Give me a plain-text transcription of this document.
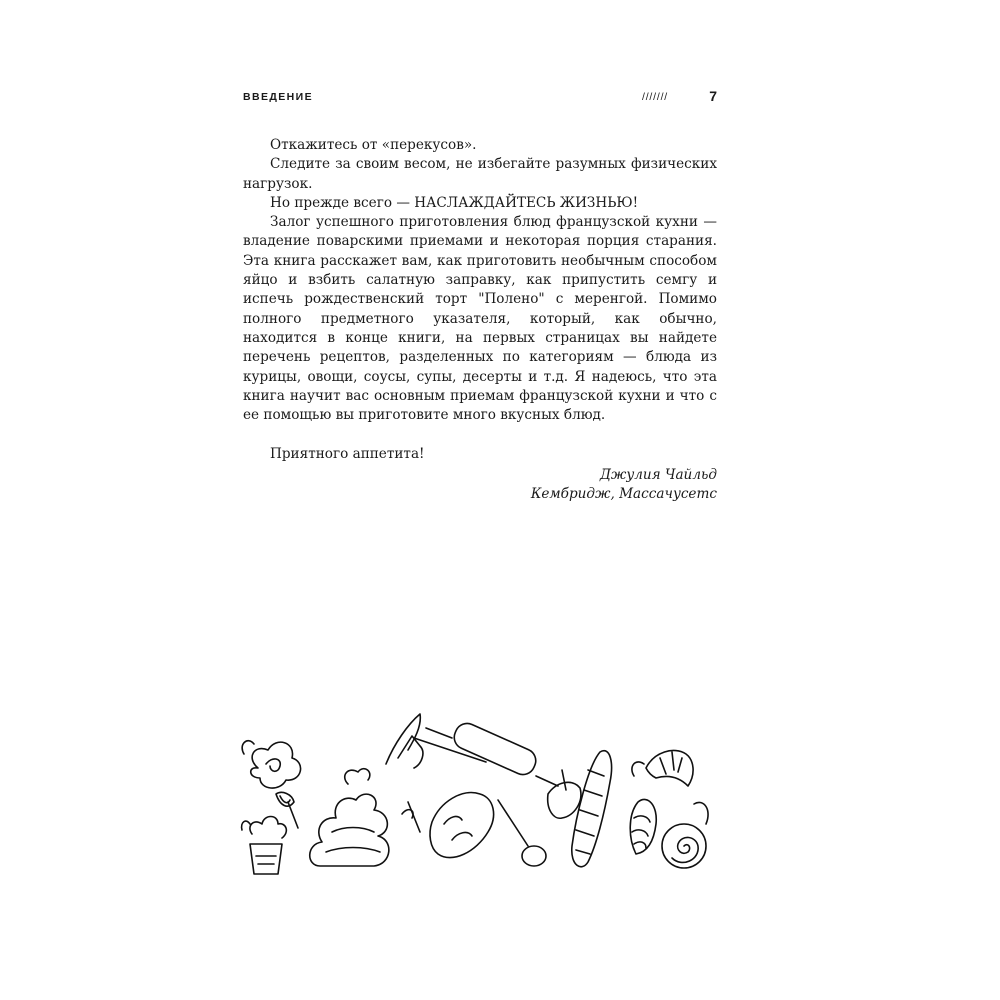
ВВЕДЕНИЕ	///////	7

Откажитесь от «перекусов».

Следите за своим весом, не избегайте разумных физических нагрузок.

Но прежде всего — НАСЛАЖДАЙТЕСЬ ЖИЗНЬЮ!

Залог успешного приготовления блюд французской кухни — владение поварскими приемами и некоторая порция старания. Эта книга расскажет вам, как приготовить необычным способом яйцо и взбить салатную заправку, как припустить семгу и испечь рождественский торт "Полено" с меренгой. Помимо полного предметного указателя, который, как обычно, находится в конце книги, на первых страницах вы найдете перечень рецептов, разделенных по категориям — блюда из курицы, овощи, соусы, супы, десерты и т.д. Я надеюсь, что эта книга научит вас основным приемам французской кухни и что с ее помощью вы приготовите много вкусных блюд.

Приятного аппетита!

Джулия Чайльд
Кембридж, Массачусетс
